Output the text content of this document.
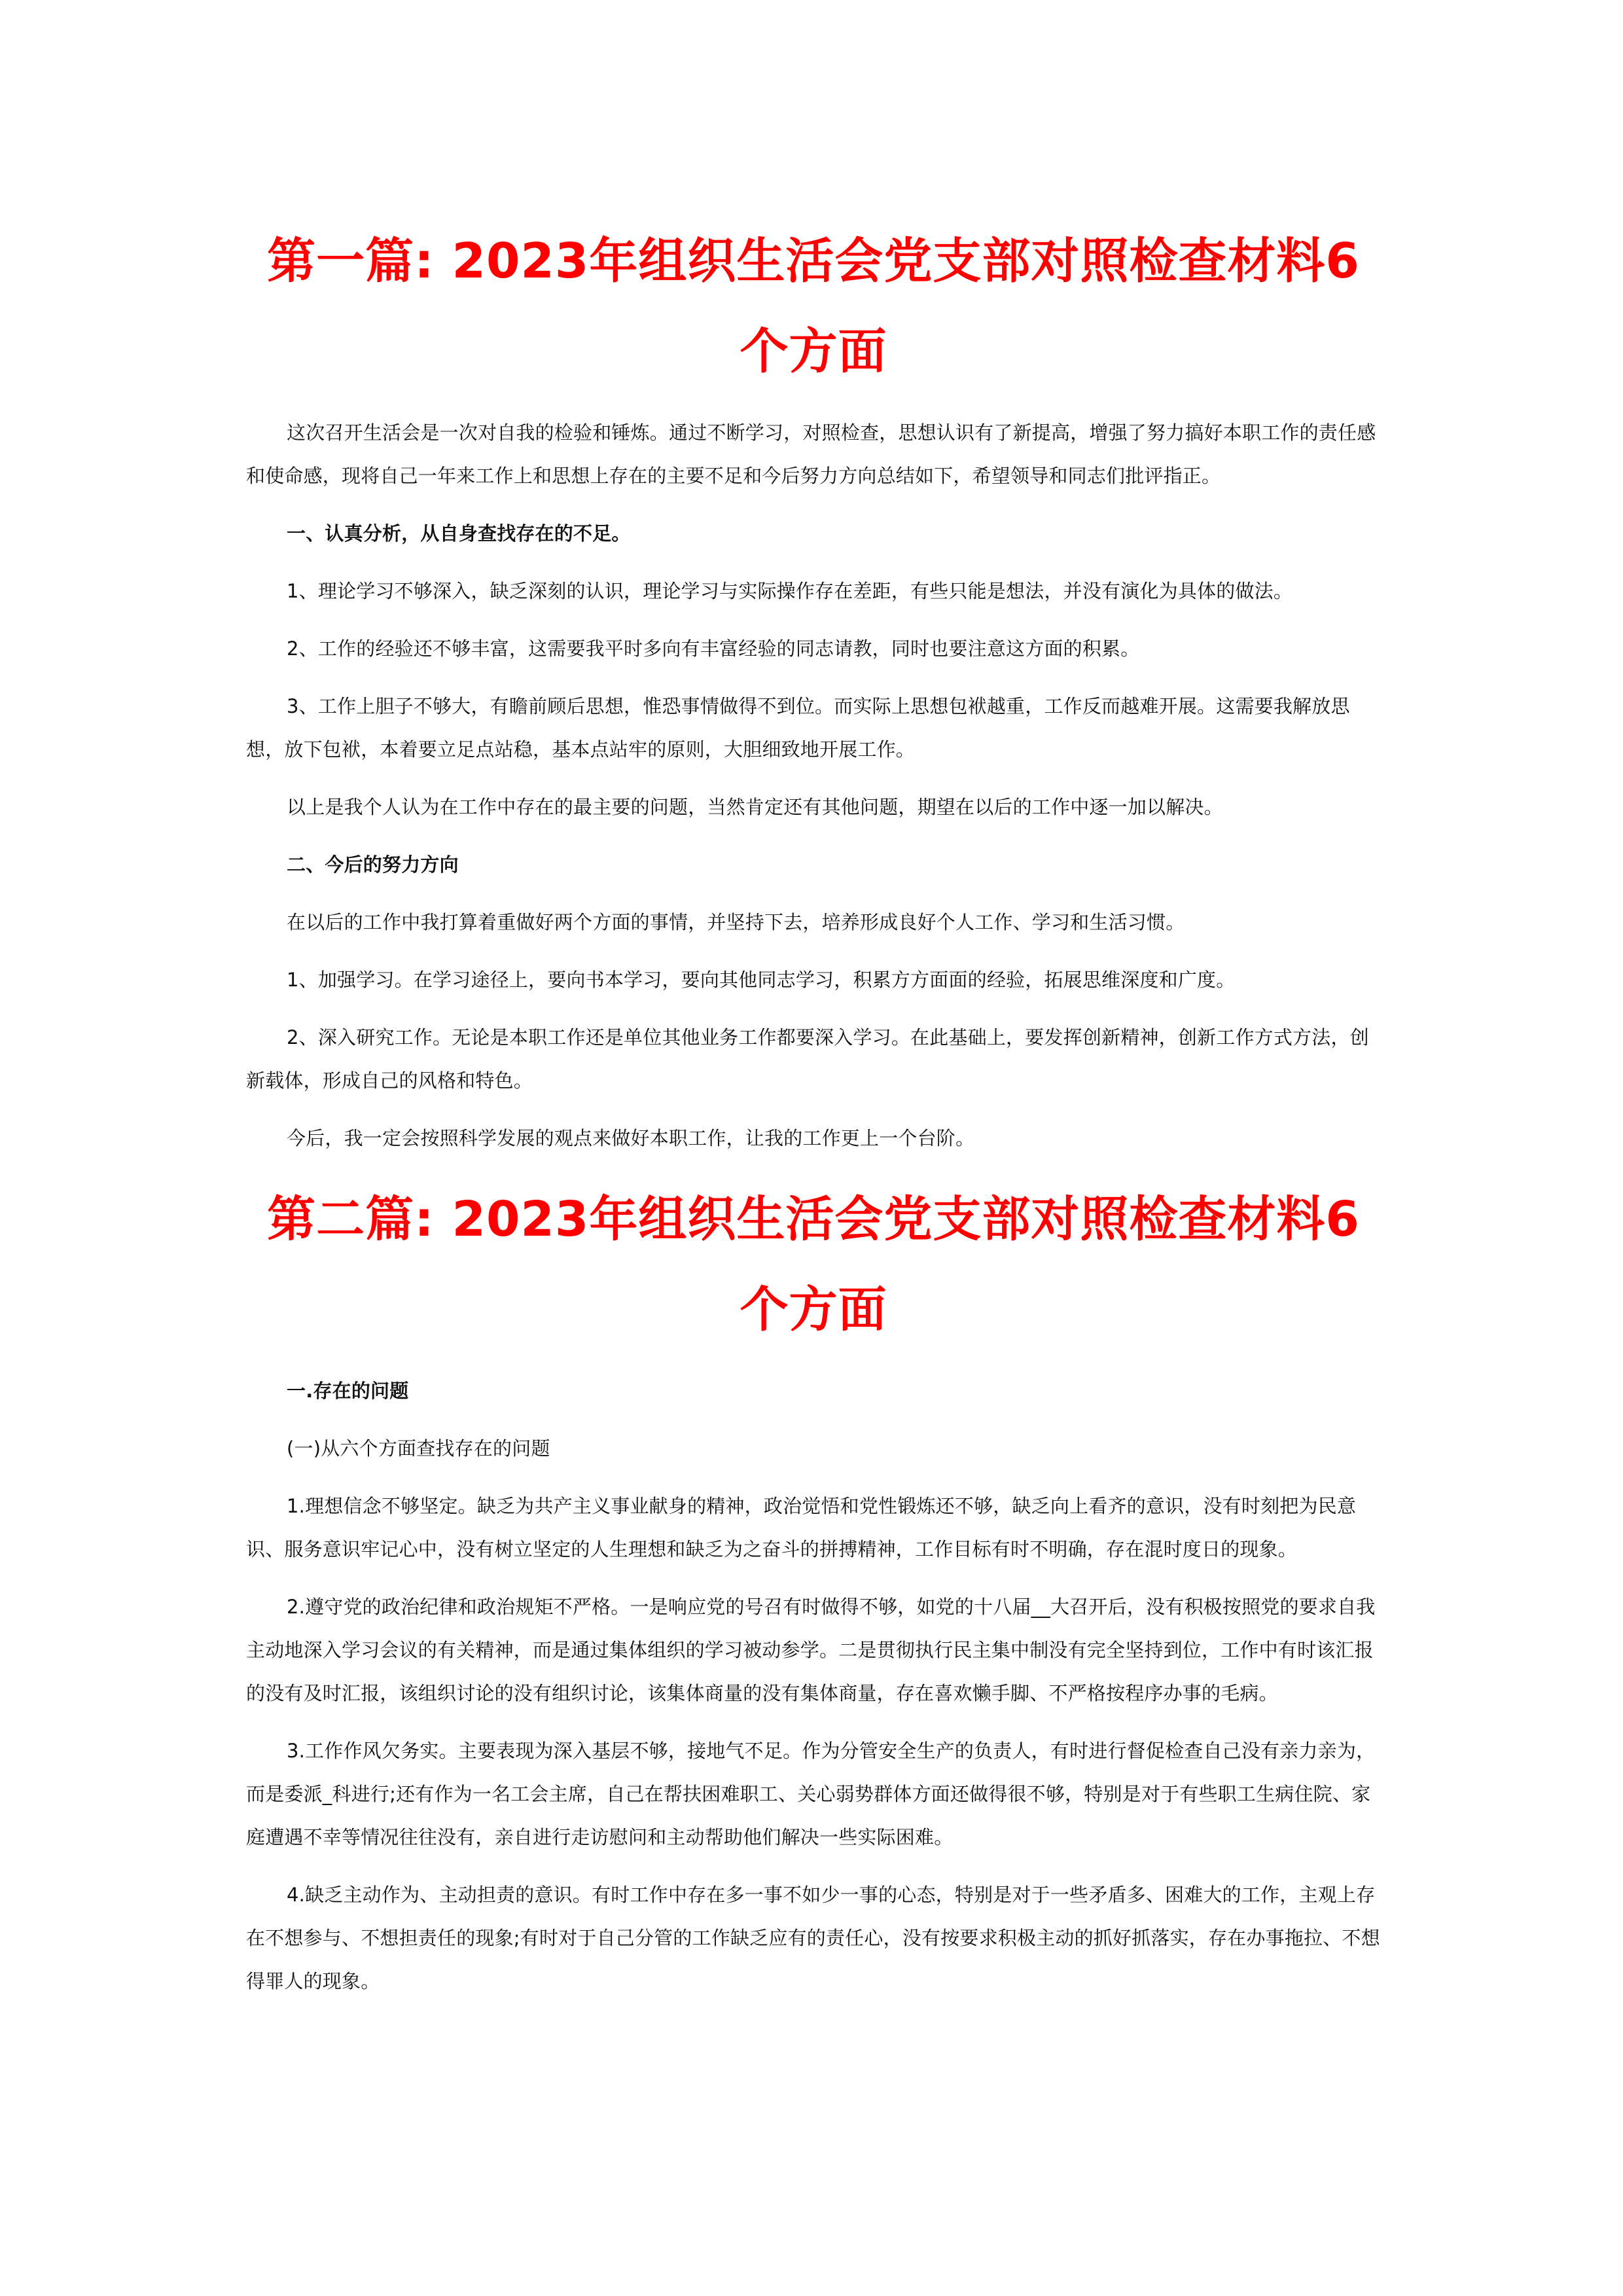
第一篇: 2023年组织生活会党支部对照检查材料6个方面

这次召开生活会是一次对自我的检验和锤炼。通过不断学习，对照检查，思想认识有了新提高，增强了努力搞好本职工作的责任感和使命感，现将自己一年来工作上和思想上存在的主要不足和今后努力方向总结如下，希望领导和同志们批评指正。

一、认真分析，从自身查找存在的不足。

1、理论学习不够深入，缺乏深刻的认识，理论学习与实际操作存在差距，有些只能是想法，并没有演化为具体的做法。

2、工作的经验还不够丰富，这需要我平时多向有丰富经验的同志请教，同时也要注意这方面的积累。

3、工作上胆子不够大，有瞻前顾后思想，惟恐事情做得不到位。而实际上思想包袱越重，工作反而越难开展。这需要我解放思想，放下包袱，本着要立足点站稳，基本点站牢的原则，大胆细致地开展工作。

以上是我个人认为在工作中存在的最主要的问题，当然肯定还有其他问题，期望在以后的工作中逐一加以解决。

二、今后的努力方向

在以后的工作中我打算着重做好两个方面的事情，并坚持下去，培养形成良好个人工作、学习和生活习惯。

1、加强学习。在学习途径上，要向书本学习，要向其他同志学习，积累方方面面的经验，拓展思维深度和广度。

2、深入研究工作。无论是本职工作还是单位其他业务工作都要深入学习。在此基础上，要发挥创新精神，创新工作方式方法，创新载体，形成自己的风格和特色。

今后，我一定会按照科学发展的观点来做好本职工作，让我的工作更上一个台阶。

第二篇: 2023年组织生活会党支部对照检查材料6个方面

一.存在的问题

(一)从六个方面查找存在的问题

1.理想信念不够坚定。缺乏为共产主义事业献身的精神，政治觉悟和党性锻炼还不够，缺乏向上看齐的意识，没有时刻把为民意识、服务意识牢记心中，没有树立坚定的人生理想和缺乏为之奋斗的拼搏精神，工作目标有时不明确，存在混时度日的现象。

2.遵守党的政治纪律和政治规矩不严格。一是响应党的号召有时做得不够，如党的十八届__大召开后，没有积极按照党的要求自我主动地深入学习会议的有关精神，而是通过集体组织的学习被动参学。二是贯彻执行民主集中制没有完全坚持到位，工作中有时该汇报的没有及时汇报，该组织讨论的没有组织讨论，该集体商量的没有集体商量，存在喜欢懒手脚、不严格按程序办事的毛病。

3.工作作风欠务实。主要表现为深入基层不够，接地气不足。作为分管安全生产的负责人，有时进行督促检查自己没有亲力亲为，而是委派_科进行;还有作为一名工会主席，自己在帮扶困难职工、关心弱势群体方面还做得很不够，特别是对于有些职工生病住院、家庭遭遇不幸等情况往往没有，亲自进行走访慰问和主动帮助他们解决一些实际困难。

4.缺乏主动作为、主动担责的意识。有时工作中存在多一事不如少一事的心态，特别是对于一些矛盾多、困难大的工作，主观上存在不想参与、不想担责任的现象;有时对于自己分管的工作缺乏应有的责任心，没有按要求积极主动的抓好抓落实，存在办事拖拉、不想得罪人的现象。
